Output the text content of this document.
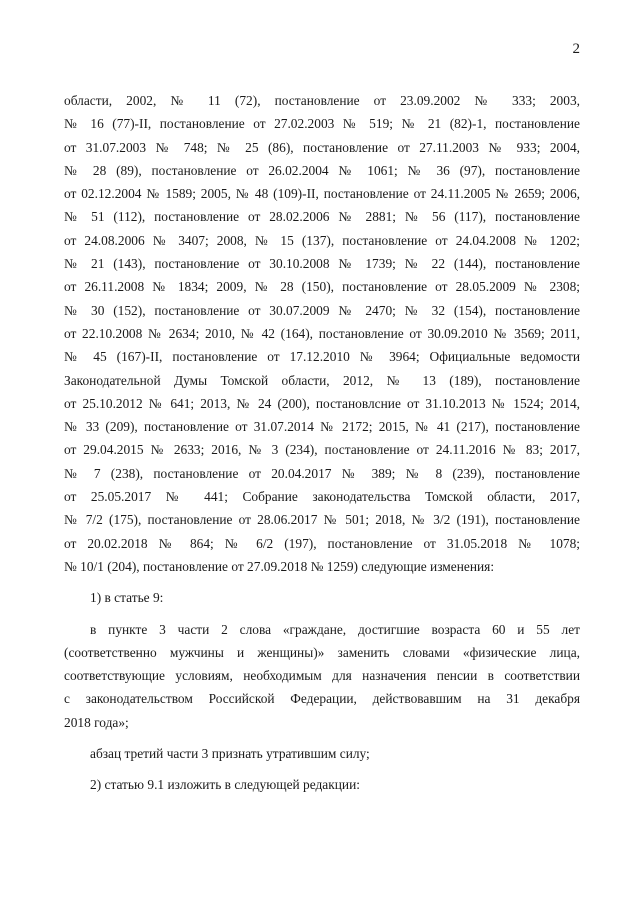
2
области, 2002, № 11 (72), постановление от 23.09.2002 № 333; 2003,
№ 16 (77)-II, постановление от 27.02.2003 № 519; № 21 (82)-1, постановление
от 31.07.2003 № 748; № 25 (86), постановление от 27.11.2003 № 933; 2004,
№ 28 (89), постановление от 26.02.2004 № 1061; № 36 (97), постановление
от 02.12.2004 № 1589; 2005, № 48 (109)-II, постановление от 24.11.2005 № 2659; 2006,
№ 51 (112), постановление от 28.02.2006 № 2881; № 56 (117), постановление
от 24.08.2006 № 3407; 2008, № 15 (137), постановление от 24.04.2008 № 1202;
№ 21 (143), постановление от 30.10.2008 № 1739; № 22 (144), постановление
от 26.11.2008 № 1834; 2009, № 28 (150), постановление от 28.05.2009 № 2308;
№ 30 (152), постановление от 30.07.2009 № 2470; № 32 (154), постановление
от 22.10.2008 № 2634; 2010, № 42 (164), постановление от 30.09.2010 № 3569; 2011,
№ 45 (167)-II, постановление от 17.12.2010 № 3964; Официальные ведомости
Законодательной Думы Томской области, 2012, № 13 (189), постановление
от 25.10.2012 № 641; 2013, № 24 (200), постановлсние от 31.10.2013 № 1524; 2014,
№ 33 (209), постановление от 31.07.2014 № 2172; 2015, № 41 (217), постановление
от 29.04.2015 № 2633; 2016, № 3 (234), постановление от 24.11.2016 № 83; 2017,
№ 7 (238), постановление от 20.04.2017 № 389; № 8 (239), постановление
от 25.05.2017 № 441; Собрание законодательства Томской области, 2017,
№ 7/2 (175), постановление от 28.06.2017 № 501; 2018, № 3/2 (191), постановление
от 20.02.2018 № 864; № 6/2 (197), постановление от 31.05.2018 № 1078;
№ 10/1 (204), постановление от 27.09.2018 № 1259) следующие изменения:
1) в статье 9:
в пункте 3 части 2 слова «граждане, достигшие возраста 60 и 55 лет
(соответственно мужчины и женщины)» заменить словами «физические лица,
соответствующие условиям, необходимым для назначения пенсии в соответствии
с законодательством Российской Федерации, действовавшим на 31 декабря
2018 года»;
абзац третий части 3 признать утратившим силу;
2) статью 9.1 изложить в следующей редакции:
